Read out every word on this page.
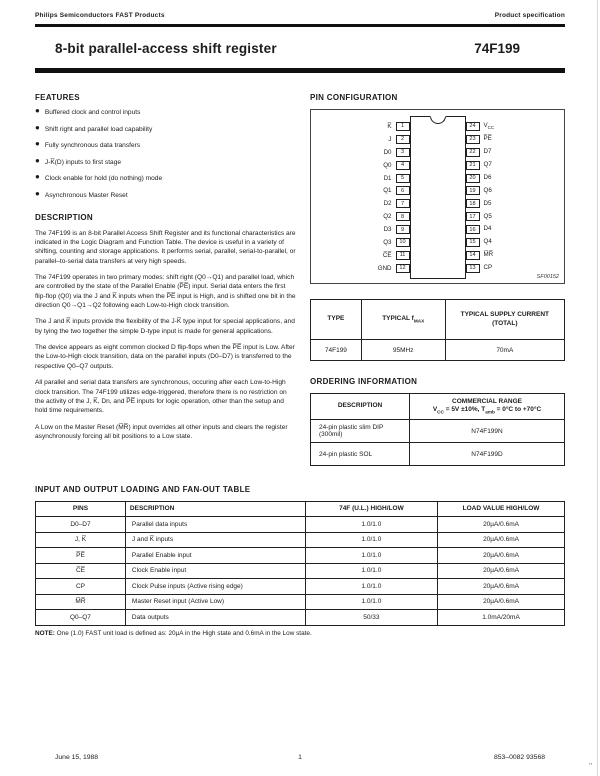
Philips Semiconductors FAST Products	Product specification
8-bit parallel-access shift register	74F199
FEATURES
● Buffered clock and control inputs
● Shift right and parallel load capability
● Fully synchronous data transfers
● J-K̅(D) inputs to first stage
● Clock enable for hold (do nothing) mode
● Asynchronous Master Reset
DESCRIPTION

The 74F199 is an 8-bit Parallel Access Shift Register and its functional characteristics are indicated in the Logic Diagram and Function Table. The device is useful in a variety of shifting, counting and storage applications. It performs serial, parallel, serial-to-parallel, or parallel–to-serial data transfers at very high speeds.

The 74F199 operates in two primary modes: shift right (Q0→Q1) and parallel load, which are controlled by the state of the Parallel Enable (P̅E̅) input. Serial data enters the first flip-flop (Q0) via the J and K̅ inputs when the P̅E̅ input is High, and is shifted one bit in the direction Q0→Q1→Q2 following each Low-to-High clock transition.

The J and K̅ inputs provide the flexibility of the J-K̅ type input for special applications, and by tying the two together the simple D-type input is made for general applications.

The device appears as eight common clocked D flip-flops when the P̅E̅ input is Low. After the Low-to-High clock transition, data on the parallel inputs (D0–D7) is transferred to the respective Q0–Q7 outputs.

All parallel and serial data transfers are synchronous, occuring after each Low-to-High clock transition. The 74F199 utilizes edge-triggered, therefore there is no restriction on the activity of the J, K̅, Dn, and P̅E̅ inputs for logic operation, other than the setup and hold time requirements.

A Low on the Master Reset (M̅R̅) input overrides all other inputs and clears the register asynchronously forcing all bit positions to a Low state.

PIN CONFIGURATION
K̅	1	24	$V_{CC}$
J	2	23	P̅E̅
D0	3	22	D7
Q0	4	21	Q7
D1	5	20	D6
Q1	6	19	Q6
D2	7	18	D5
Q2	8	17	Q5
D3	9	16	D4
Q3	10	15	Q4
C̅E̅	11	14	M̅R̅
GND	12	13	CP
SF00152
TYPE	TYPICAL $f_{MAX}$	TYPICAL SUPPLY CURRENT (TOTAL)
74F199	95MHz	70mA
ORDERING INFORMATION
DESCRIPTION	COMMERCIAL RANGE
$V_{CC} = 5V \pm 10\%$, $T_{amb} = 0^\circ C$ to +70°C
24-pin plastic slim DIP (300mil)	N74F199N
24-pin plastic SOL	N74F199D
INPUT AND OUTPUT LOADING AND FAN-OUT TABLE
PINS	DESCRIPTION	74F (U.L.) HIGH/LOW	LOAD VALUE HIGH/LOW
D0–D7	Parallel data inputs	1.0/1.0	20µA/0.6mA
J, K̅	J and K̅ inputs	1.0/1.0	20µA/0.6mA
P̅E̅	Parallel Enable input	1.0/1.0	20µA/0.6mA
C̅E̅	Clock Enable input	1.0/1.0	20µA/0.6mA
CP	Clock Pulse inputs (Active rising edge)	1.0/1.0	20µA/0.6mA
M̅R̅	Master Reset input (Active Low)	1.0/1.0	20µA/0.6mA
Q0–Q7	Data outputs	50/33	1.0mA/20mA
NOTE: One (1.0) FAST unit load is defined as: 20µA in the High state and 0.6mA in the Low state.
June 15, 1988	1	853–0082 93568
’’
